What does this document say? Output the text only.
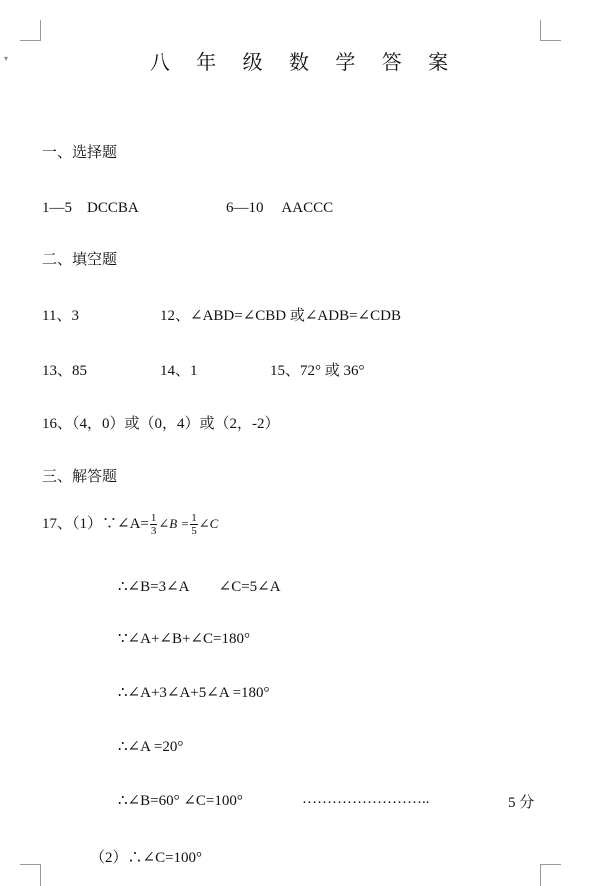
▾	八 年 级 数 学 答 案
一、选择题
1—5　DCCBA	6—10　 AACCC
二、填空题
11、3	12、∠ABD=∠CBD 或∠ADB=∠CDB
13、85	14、1	15、72° 或 36°
16、（4，0）或（0，4）或（2，-2）
三、解答题
17、（1）∵∠A= $\frac{1}{3}$ ∠B = $\frac{1}{5}$ ∠C
∴∠B=3∠A　　∠C=5∠A
∵∠A+∠B+∠C=180°
∴∠A+3∠A+5∠A =180°
∴∠A =20°
∴∠B=60° ∠C=100°	……………………..	5 分
（2）∴∠C=100°
